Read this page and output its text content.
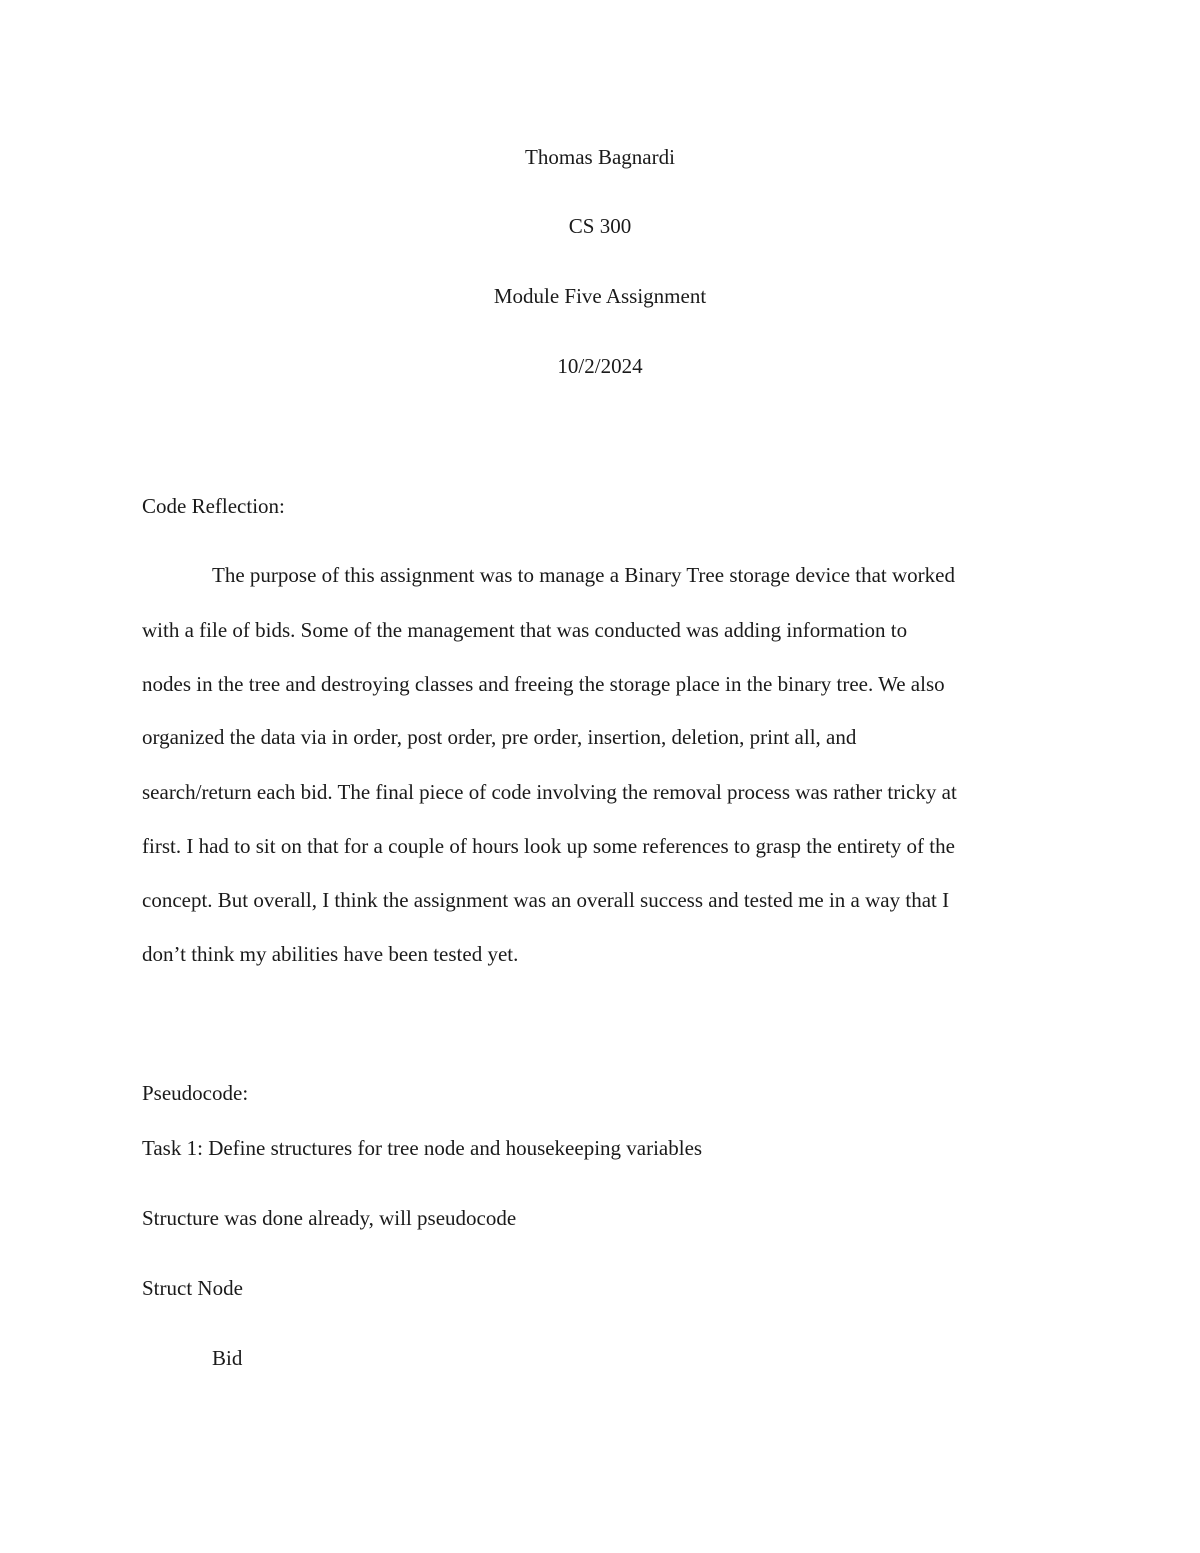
Thomas Bagnardi
CS 300
Module Five Assignment
10/2/2024
Code Reflection:
The purpose of this assignment was to manage a Binary Tree storage device that worked
with a file of bids. Some of the management that was conducted was adding information to
nodes in the tree and destroying classes and freeing the storage place in the binary tree. We also
organized the data via in order, post order, pre order, insertion, deletion, print all, and
search/return each bid. The final piece of code involving the removal process was rather tricky at
first. I had to sit on that for a couple of hours look up some references to grasp the entirety of the
concept. But overall, I think the assignment was an overall success and tested me in a way that I
don’t think my abilities have been tested yet.
Pseudocode:
Task 1: Define structures for tree node and housekeeping variables
Structure was done already, will pseudocode
Struct Node
Bid
